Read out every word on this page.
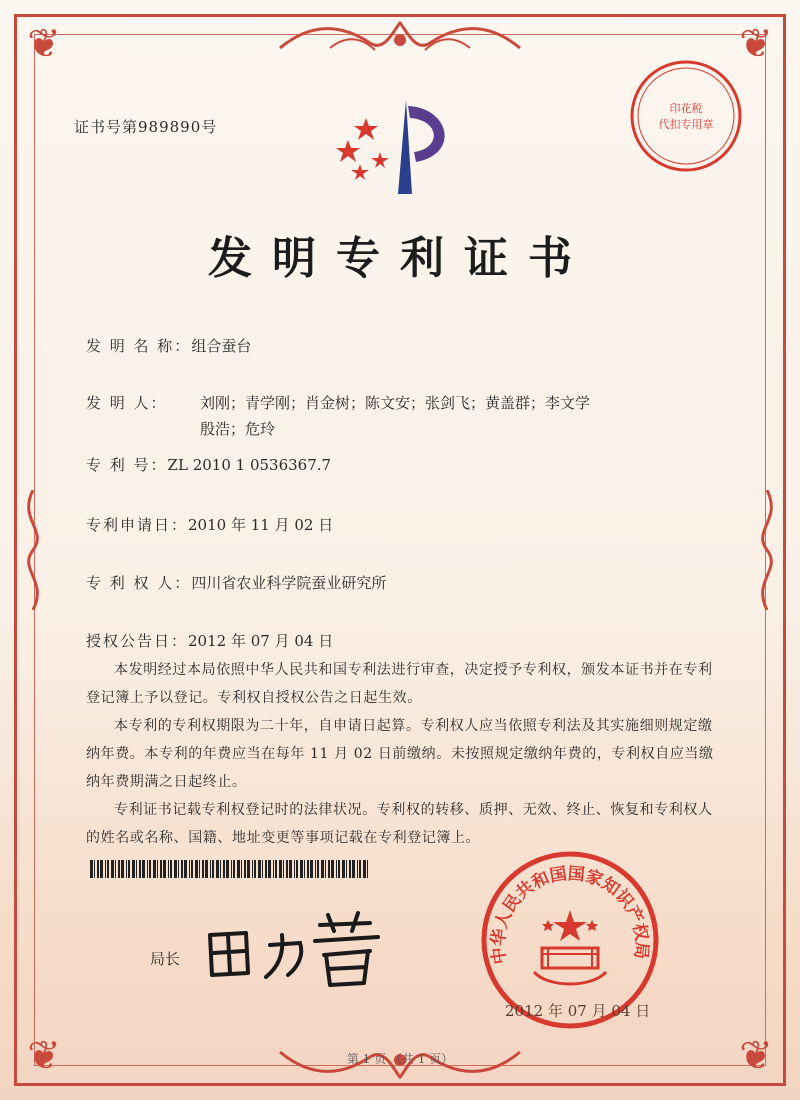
❦	❦
❦	❦
证书号第989890号
印花税
代扣专用章
发明专利证书
发 明 名 称：组合蚕台
发 明 人： 刘刚；青学刚；肖金树；陈文安；张剑飞；黄盖群；李文学殷浩；危玲
专 利 号：ZL 2010 1 0536367.7
专利申请日：2010 年 11 月 02 日
专 利 权 人：四川省农业科学院蚕业研究所
授权公告日：2012 年 07 月 04 日

本发明经过本局依照中华人民共和国专利法进行审查，决定授予专利权，颁发本证书并在专利登记簿上予以登记。专利权自授权公告之日起生效。

本专利的专利权期限为二十年，自申请日起算。专利权人应当依照专利法及其实施细则规定缴纳年费。本专利的年费应当在每年 11 月 02 日前缴纳。未按照规定缴纳年费的，专利权自应当缴纳年费期满之日起终止。

专利证书记载专利权登记时的法律状况。专利权的转移、质押、无效、终止、恢复和专利权人的姓名或名称、国籍、地址变更等事项记载在专利登记簿上。

局长	中华人民共和国国家知识产权局
2012 年 07 月 04 日
第 1 页 （共 1 页）
